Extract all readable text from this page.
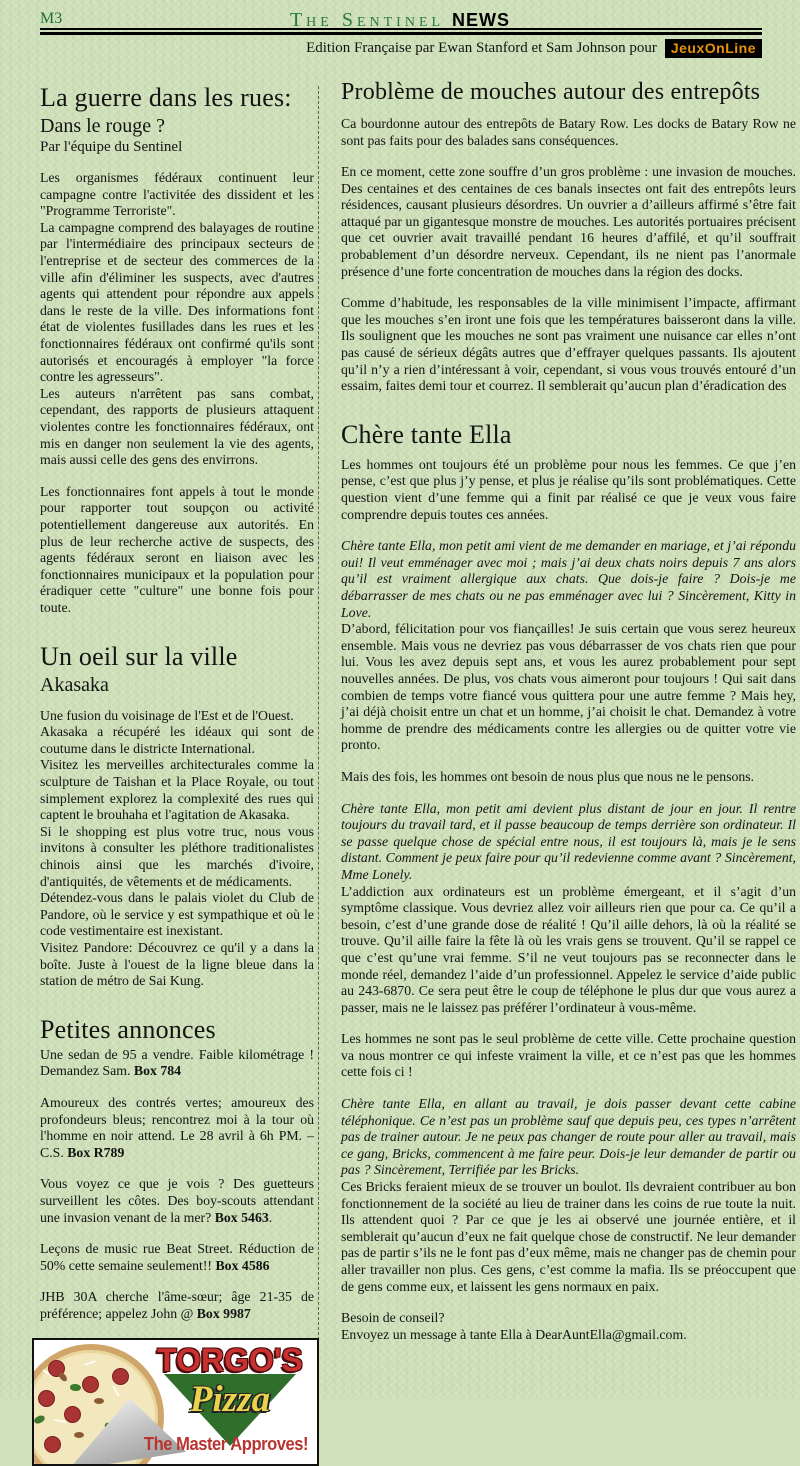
M3	The Sentinel NEWS
Edition Française par Ewan Stanford et Sam Johnson pour	JeuxOnLine
La guerre dans les rues:
Dans le rouge ?
Par l'équipe du Sentinel

Les organismes fédéraux continuent leur campagne contre l'activitée des dissident et les "Programme Terroriste".

La campagne comprend des balayages de routine par l'intermédiaire des principaux secteurs de l'entreprise et de secteur des commerces de la ville afin d'éliminer les suspects, avec d'autres agents qui attendent pour répondre aux appels dans le reste de la ville. Des informations font état de violentes fusillades dans les rues et les fonctionnaires fédéraux ont confirmé qu'ils sont autorisés et encouragés à employer "la force contre les agresseurs".

Les auteurs n'arrêtent pas sans combat, cependant, des rapports de plusieurs attaquent violentes contre les fonctionnaires fédéraux, ont mis en danger non seulement la vie des agents, mais aussi celle des gens des envirrons.

Les fonctionnaires font appels à tout le monde pour rapporter tout soupçon ou activité potentiellement dangereuse aux autorités. En plus de leur recherche active de suspects, des agents fédéraux seront en liaison avec les fonctionnaires municipaux et la population pour éradiquer cette "culture" une bonne fois pour toute.

Un oeil sur la ville
Akasaka

Une fusion du voisinage de l'Est et de l'Ouest.

Akasaka a récupéré les idéaux qui sont de coutume dans le districte International.

Visitez les merveilles architecturales comme la sculpture de Taishan et la Place Royale, ou tout simplement explorez la complexité des rues qui captent le brouhaha et l'agitation de Akasaka.

Si le shopping est plus votre truc, nous vous invitons à consulter les pléthore traditionalistes chinois ainsi que les marchés d'ivoire, d'antiquités, de vêtements et de médicaments.

Détendez-vous dans le palais violet du Club de Pandore, où le service y est sympathique et où le code vestimentaire est inexistant.

Visitez Pandore: Découvrez ce qu'il y a dans la boîte. Juste à l'ouest de la ligne bleue dans la station de métro de Sai Kung.

Petites annonces

Une sedan de 95 a vendre. Faible kilométrage ! Demandez Sam. Box 784

Amoureux des contrés vertes; amoureux des profondeurs bleus; rencontrez moi à la tour où l'homme en noir attend. Le 28 avril à 6h PM. –C.S. Box R789

Vous voyez ce que je vois ? Des guetteurs surveillent les côtes. Des boy-scouts attendant une invasion venant de la mer? Box 5463.

Leçons de music rue Beat Street. Réduction de 50% cette semaine seulement!! Box 4586

JHB 30A cherche l'âme-sœur; âge 21-35 de préférence; appelez John @ Box 9987

TORGO'S
Pizza
The Master Approves!
Problème de mouches autour des entrepôts

Ca bourdonne autour des entrepôts de Batary Row. Les docks de Batary Row ne sont pas faits pour des balades sans conséquences.

En ce moment, cette zone souffre d’un gros problème : une invasion de mouches. Des centaines et des centaines de ces banals insectes ont fait des entrepôts leurs résidences, causant plusieurs désordres. Un ouvrier a d’ailleurs affirmé s’être fait attaqué par un gigantesque monstre de mouches. Les autorités portuaires précisent que cet ouvrier avait travaillé pendant 16 heures d’affilé, et qu’il souffrait probablement d’un désordre nerveux. Cependant, ils ne nient pas l’anormale présence d’une forte concentration de mouches dans la région des docks.

Comme d’habitude, les responsables de la ville minimisent l’impacte, affirmant que les mouches s’en iront une fois que les températures baisseront dans la ville. Ils soulignent que les mouches ne sont pas vraiment une nuisance car elles n’ont pas causé de sérieux dégâts autres que d’effrayer quelques passants. Ils ajoutent qu’il n’y a rien d’intéressant à voir, cependant, si vous vous trouvés entouré d’un essaim, faites demi tour et courrez. Il semblerait qu’aucun plan d’éradication des

Chère tante Ella

Les hommes ont toujours été un problème pour nous les femmes. Ce que j’en pense, c’est que plus j’y pense, et plus je réalise qu’ils sont problématiques. Cette question vient d’une femme qui a finit par réalisé ce que je veux vous faire comprendre depuis toutes ces années.

Chère tante Ella, mon petit ami vient de me demander en mariage, et j’ai répondu oui! Il veut emménager avec moi ; mais j’ai deux chats noirs depuis 7 ans alors qu’il est vraiment allergique aux chats. Que dois-je faire ? Dois-je me débarrasser de mes chats ou ne pas emménager avec lui ? Sincèrement, Kitty in Love.

D’abord, félicitation pour vos fiançailles! Je suis certain que vous serez heureux ensemble. Mais vous ne devriez pas vous débarrasser de vos chats rien que pour lui. Vous les avez depuis sept ans, et vous les aurez probablement pour sept nouvelles années. De plus, vos chats vous aimeront pour toujours ! Qui sait dans combien de temps votre fiancé vous quittera pour une autre femme ? Mais hey, j’ai déjà choisit entre un chat et un homme, j’ai choisit le chat. Demandez à votre homme de prendre des médicaments contre les allergies ou de quitter votre vie pronto.

Mais des fois, les hommes ont besoin de nous plus que nous ne le pensons.

Chère tante Ella, mon petit ami devient plus distant de jour en jour. Il rentre toujours du travail tard, et il passe beaucoup de temps derrière son ordinateur. Il se passe quelque chose de spécial entre nous, il est toujours là, mais je le sens distant. Comment je peux faire pour qu’il redevienne comme avant ? Sincèrement, Mme Lonely.

L’addiction aux ordinateurs est un problème émergeant, et il s’agit d’un symptôme classique. Vous devriez allez voir ailleurs rien que pour ca. Ce qu’il a besoin, c’est d’une grande dose de réalité ! Qu’il aille dehors, là où la réalité se trouve. Qu’il aille faire la fête là où les vrais gens se trouvent. Qu’il se rappel ce que c’est qu’une vrai femme. S’il ne veut toujours pas se reconnecter dans le monde réel, demandez l’aide d’un professionnel. Appelez le service d’aide public au 243-6870. Ce sera peut être le coup de téléphone le plus dur que vous aurez a passer, mais ne le laissez pas préférer l’ordinateur à vous-même.

Les hommes ne sont pas le seul problème de cette ville. Cette prochaine question va nous montrer ce qui infeste vraiment la ville, et ce n’est pas que les hommes cette fois ci !

Chère tante Ella, en allant au travail, je dois passer devant cette cabine téléphonique. Ce n’est pas un problème sauf que depuis peu, ces types n’arrêtent pas de trainer autour. Je ne peux pas changer de route pour aller au travail, mais ce gang, Bricks, commencent à me faire peur. Dois-je leur demander de partir ou pas ? Sincèrement, Terrifiée par les Bricks.

Ces Bricks feraient mieux de se trouver un boulot. Ils devraient contribuer au bon fonctionnement de la société au lieu de trainer dans les coins de rue toute la nuit. Ils attendent quoi ? Par ce que je les ai observé une journée entière, et il semblerait qu’aucun d’eux ne fait quelque chose de constructif. Ne leur demander pas de partir s’ils ne le font pas d’eux même, mais ne changer pas de chemin pour aller travailler non plus. Ces gens, c’est comme la mafia. Ils se préoccupent que de gens comme eux, et laissent les gens normaux en paix.

Besoin de conseil?

Envoyez un message à tante Ella à DearAuntElla@gmail.com.
